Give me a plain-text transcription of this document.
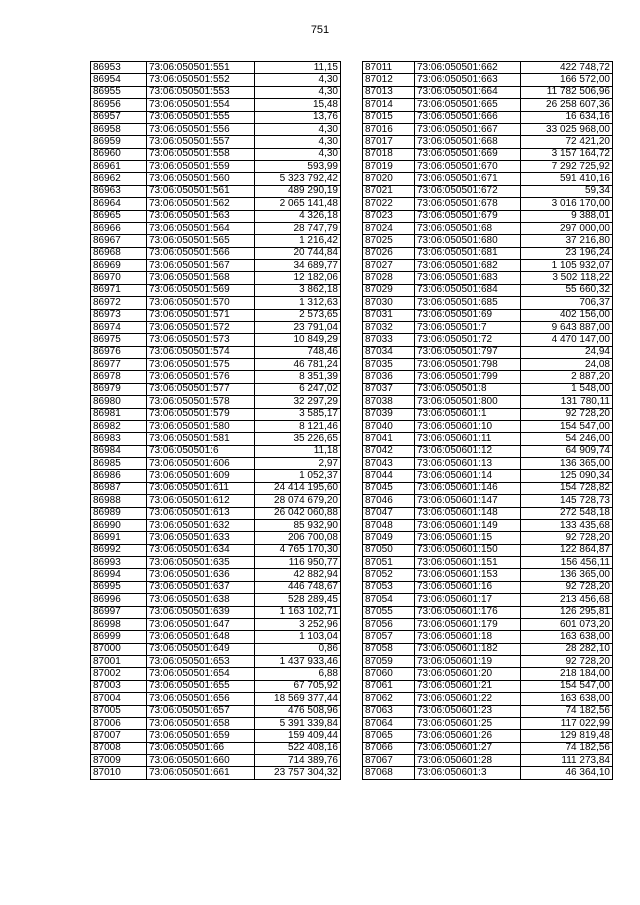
751
86953	73:06:050501:551	11,15
86954	73:06:050501:552	4,30
86955	73:06:050501:553	4,30
86956	73:06:050501:554	15,48
86957	73:06:050501:555	13,76
86958	73:06:050501:556	4,30
86959	73:06:050501:557	4,30
86960	73:06:050501:558	4,30
86961	73:06:050501:559	593,99
86962	73:06:050501:560	5 323 792,42
86963	73:06:050501:561	489 290,19
86964	73:06:050501:562	2 065 141,48
86965	73:06:050501:563	4 326,18
86966	73:06:050501:564	28 747,79
86967	73:06:050501:565	1 216,42
86968	73:06:050501:566	20 744,84
86969	73:06:050501:567	34 689,77
86970	73:06:050501:568	12 182,06
86971	73:06:050501:569	3 862,18
86972	73:06:050501:570	1 312,63
86973	73:06:050501:571	2 573,65
86974	73:06:050501:572	23 791,04
86975	73:06:050501:573	10 849,29
86976	73:06:050501:574	748,46
86977	73:06:050501:575	46 781,24
86978	73:06:050501:576	8 351,39
86979	73:06:050501:577	6 247,02
86980	73:06:050501:578	32 297,29
86981	73:06:050501:579	3 585,17
86982	73:06:050501:580	8 121,46
86983	73:06:050501:581	35 226,65
86984	73:06:050501:6	11,18
86985	73:06:050501:606	2,97
86986	73:06:050501:609	1 052,37
86987	73:06:050501:611	24 414 195,60
86988	73:06:050501:612	28 074 679,20
86989	73:06:050501:613	26 042 060,88
86990	73:06:050501:632	85 932,90
86991	73:06:050501:633	206 700,08
86992	73:06:050501:634	4 765 170,30
86993	73:06:050501:635	116 950,77
86994	73:06:050501:636	42 882,94
86995	73:06:050501:637	446 748,67
86996	73:06:050501:638	528 289,45
86997	73:06:050501:639	1 163 102,71
86998	73:06:050501:647	3 252,96
86999	73:06:050501:648	1 103,04
87000	73:06:050501:649	0,86
87001	73:06:050501:653	1 437 933,46
87002	73:06:050501:654	6,88
87003	73:06:050501:655	67 705,92
87004	73:06:050501:656	18 569 377,44
87005	73:06:050501:657	476 508,96
87006	73:06:050501:658	5 391 339,84
87007	73:06:050501:659	159 409,44
87008	73:06:050501:66	522 408,16
87009	73:06:050501:660	714 389,76
87010	73:06:050501:661	23 757 304,32
87011	73:06:050501:662	422 748,72
87012	73:06:050501:663	166 572,00
87013	73:06:050501:664	11 782 506,96
87014	73:06:050501:665	26 258 607,36
87015	73:06:050501:666	16 634,16
87016	73:06:050501:667	33 025 968,00
87017	73:06:050501:668	72 421,20
87018	73:06:050501:669	3 157 164,72
87019	73:06:050501:670	7 292 725,92
87020	73:06:050501:671	591 410,16
87021	73:06:050501:672	59,34
87022	73:06:050501:678	3 016 170,00
87023	73:06:050501:679	9 388,01
87024	73:06:050501:68	297 000,00
87025	73:06:050501:680	37 216,80
87026	73:06:050501:681	23 196,24
87027	73:06:050501:682	1 105 932,07
87028	73:06:050501:683	3 502 118,22
87029	73:06:050501:684	55 660,32
87030	73:06:050501:685	706,37
87031	73:06:050501:69	402 156,00
87032	73:06:050501:7	9 643 887,00
87033	73:06:050501:72	4 470 147,00
87034	73:06:050501:797	24,94
87035	73:06:050501:798	24,08
87036	73:06:050501:799	2 887,20
87037	73:06:050501:8	1 548,00
87038	73:06:050501:800	131 780,11
87039	73:06:050601:1	92 728,20
87040	73:06:050601:10	154 547,00
87041	73:06:050601:11	54 246,00
87042	73:06:050601:12	64 909,74
87043	73:06:050601:13	136 365,00
87044	73:06:050601:14	125 090,34
87045	73:06:050601:146	154 728,82
87046	73:06:050601:147	145 728,73
87047	73:06:050601:148	272 548,18
87048	73:06:050601:149	133 435,68
87049	73:06:050601:15	92 728,20
87050	73:06:050601:150	122 864,87
87051	73:06:050601:151	156 456,11
87052	73:06:050601:153	136 365,00
87053	73:06:050601:16	92 728,20
87054	73:06:050601:17	213 456,68
87055	73:06:050601:176	126 295,81
87056	73:06:050601:179	601 073,20
87057	73:06:050601:18	163 638,00
87058	73:06:050601:182	28 282,10
87059	73:06:050601:19	92 728,20
87060	73:06:050601:20	218 184,00
87061	73:06:050601:21	154 547,00
87062	73:06:050601:22	163 638,00
87063	73:06:050601:23	74 182,56
87064	73:06:050601:25	117 022,99
87065	73:06:050601:26	129 819,48
87066	73:06:050601:27	74 182,56
87067	73:06:050601:28	111 273,84
87068	73:06:050601:3	46 364,10
